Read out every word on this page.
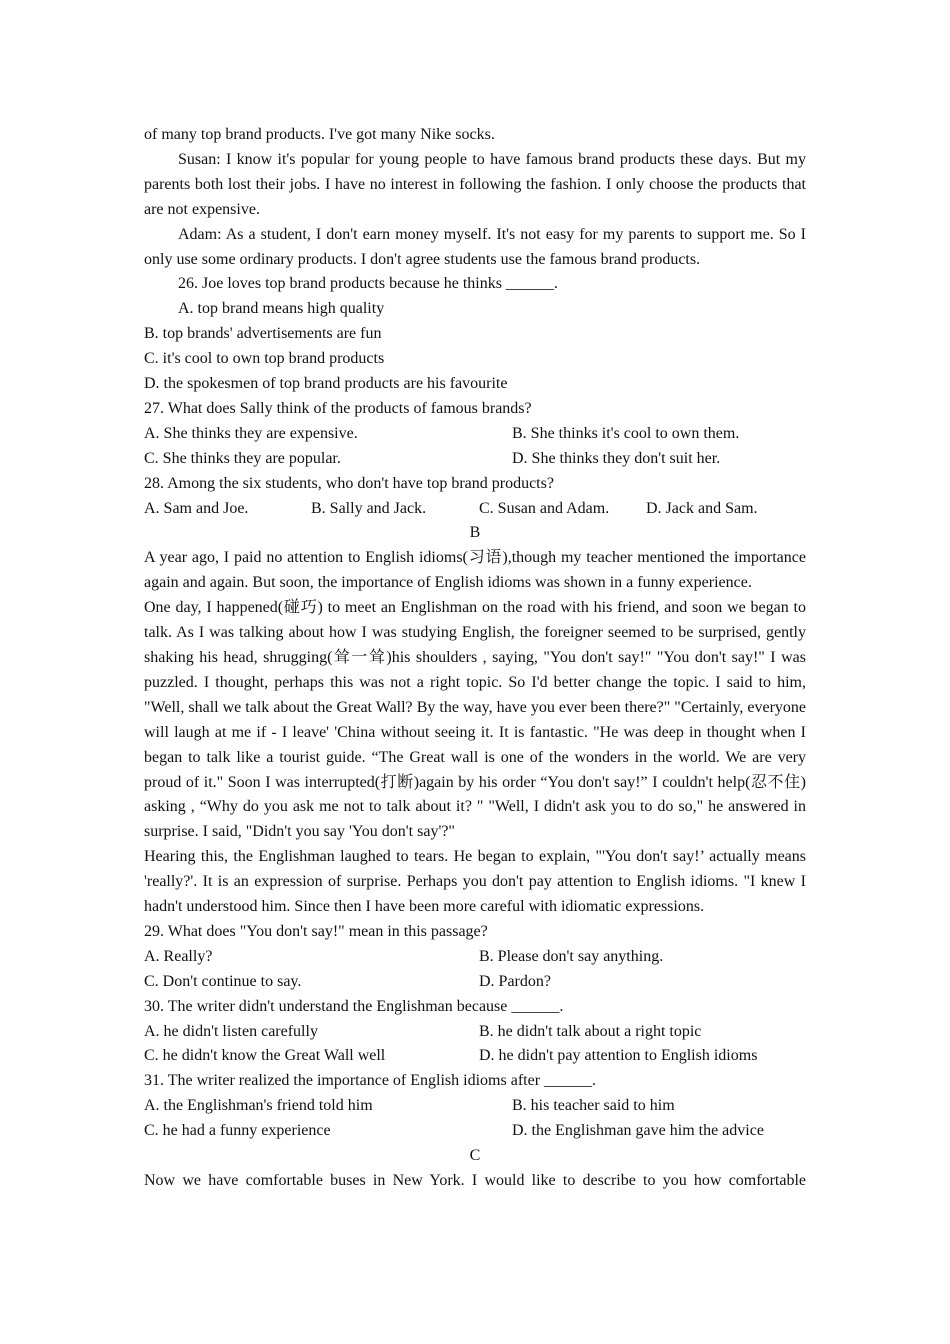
of many top brand products. I've got many Nike socks.

Susan: I know it's popular for young people to have famous brand products these days. But my parents both lost their jobs. I have no interest in following the fashion. I only choose the products that are not expensive.

Adam: As a student, I don't earn money myself. It's not easy for my parents to support me. So I only use some ordinary products. I don't agree students use the famous brand products.

26. Joe loves top brand products because he thinks ______.

A. top brand means high quality

B. top brands' advertisements are fun

C. it's cool to own top brand products

D. the spokesmen of top brand products are his favourite

27. What does Sally think of the products of famous brands?

A. She thinks they are expensive.	B. She thinks it's cool to own them.
C. She thinks they are popular.	D. She thinks they don't suit her.

28. Among the six students, who don't have top brand products?

A. Sam and Joe.	B. Sally and Jack.	C. Susan and Adam. D. Jack and Sam.

B

A year ago, I paid no attention to English idioms(习语),though my teacher mentioned the importance again and again. But soon, the importance of English idioms was shown in a funny experience.

One day, I happened(碰巧) to meet an Englishman on the road with his friend, and soon we began to talk. As I was talking about how I was studying English, the foreigner seemed to be surprised, gently shaking his head, shrugging(耸一耸)his shoulders , saying, "You don't say!" "You don't say!" I was puzzled. I thought, perhaps this was not a right topic. So I'd better change the topic. I said to him, "Well, shall we talk about the Great Wall? By the way, have you ever been there?" "Certainly, everyone will laugh at me if - I leave' 'China without seeing it. It is fantastic. "He was deep in thought when I began to talk like a tourist guide. “The Great wall is one of the wonders in the world. We are very proud of it." Soon I was interrupted(打断)again by his order “You don't say!” I couldn't help(忍不住) asking , “Why do you ask me not to talk about it? " "Well, I didn't ask you to do so," he answered in surprise. I said, "Didn't you say 'You don't say'?"

Hearing this, the Englishman laughed to tears. He began to explain, "'You don't say!’ actually means 'really?'. It is an expression of surprise. Perhaps you don't pay attention to English idioms. "I knew I hadn't understood him. Since then I have been more careful with idiomatic expressions.

29. What does "You don't say!" mean in this passage?

A. Really?	B. Please don't say anything.
C. Don't continue to say.	D. Pardon?

30. The writer didn't understand the Englishman because ______.

A. he didn't listen carefully	B. he didn't talk about a right topic
C. he didn't know the Great Wall well	D. he didn't pay attention to English idioms

31. The writer realized the importance of English idioms after ______.

A. the Englishman's friend told him	B. his teacher said to him
C. he had a funny experience	D. the Englishman gave him the advice

C

Now we have comfortable buses in New York. I would like to describe to you how comfortable
